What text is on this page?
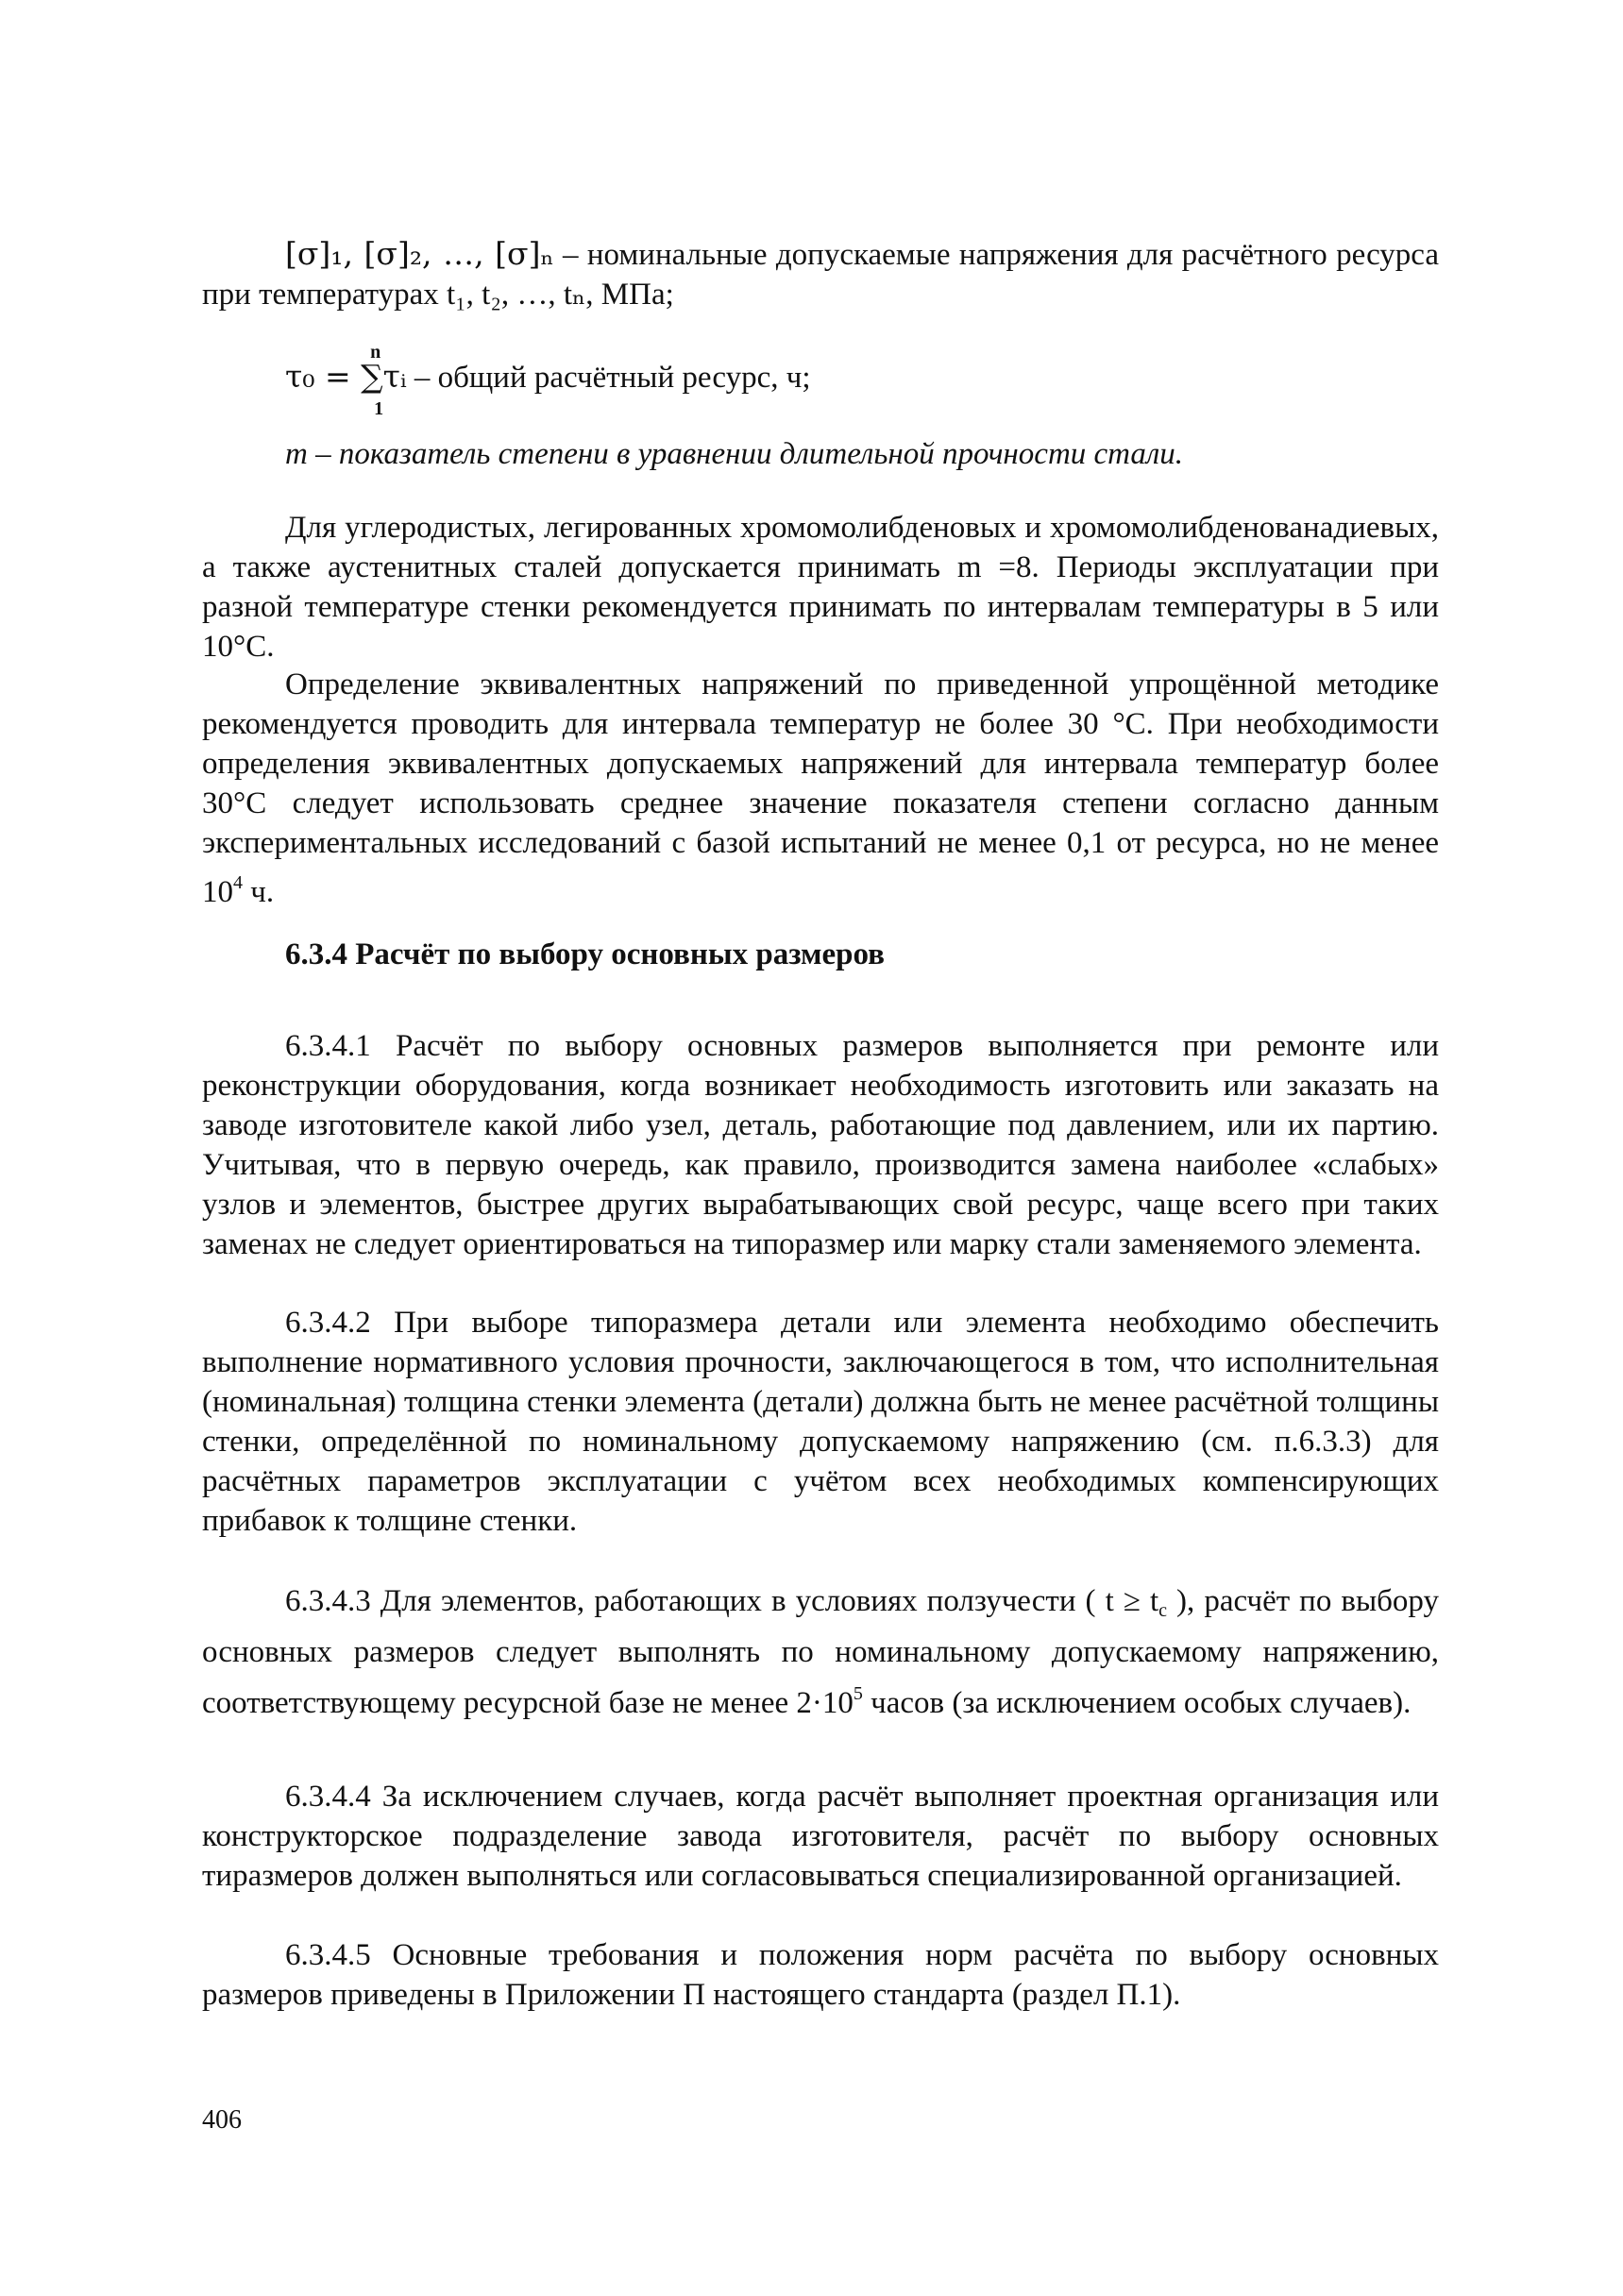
[σ]₁, [σ]₂, …, [σ]ₙ – номинальные допускаемые напряжения для расчётного ресурса при температурах t₁, t₂, …, tₙ, МПа;
τ₀ =
n
∑τᵢ
1
– общий расчётный ресурс, ч;
m – показатель степени в уравнении длительной прочности стали.
Для углеродистых, легированных хромомолибденовых и хромомолибденованадиевых, а также аустенитных сталей допускается принимать m =8. Периоды эксплуатации при разной температуре стенки рекомендуется принимать по интервалам температуры в 5 или 10°С.
Определение эквивалентных напряжений по приведенной упрощённой методике рекомендуется проводить для интервала температур не более 30 °С. При необходимости определения эквивалентных допускаемых напряжений для интервала температур более 30°С следует использовать среднее значение показателя степени согласно данным экспериментальных исследований с базой испытаний не менее 0,1 от ресурса, но не менее $10^4$ ч.
6.3.4 Расчёт по выбору основных размеров
6.3.4.1 Расчёт по выбору основных размеров выполняется при ремонте или реконструкции оборудования, когда возникает необходимость изготовить или заказать на заводе изготовителе какой либо узел, деталь, работающие под давлением, или их партию. Учитывая, что в первую очередь, как правило, производится замена наиболее «слабых» узлов и элементов, быстрее других вырабатывающих свой ресурс, чаще всего при таких заменах не следует ориентироваться на типоразмер или марку стали заменяемого элемента.
6.3.4.2 При выборе типоразмера детали или элемента необходимо обеспечить выполнение нормативного условия прочности, заключающегося в том, что исполнительная (номинальная) толщина стенки элемента (детали) должна быть не менее расчётной толщины стенки, определённой по номинальному допускаемому напряжению (см. п.6.3.3) для расчётных параметров эксплуатации с учётом всех необходимых компенсирующих прибавок к толщине стенки.
6.3.4.3 Для элементов, работающих в условиях ползучести ( $t \ge t_c$ ), расчёт по выбору основных размеров следует выполнять по номинальному допускаемому напряжению, соответствующему ресурсной базе не менее $2\cdot 10^5$ часов (за исключением особых случаев).
6.3.4.4 За исключением случаев, когда расчёт выполняет проектная организация или конструкторское подразделение завода изготовителя, расчёт по выбору основных тиразмеров должен выполняться или согласовываться специализированной организацией.
6.3.4.5 Основные требования и положения норм расчёта по выбору основных размеров приведены в Приложении П настоящего стандарта (раздел П.1).
406
